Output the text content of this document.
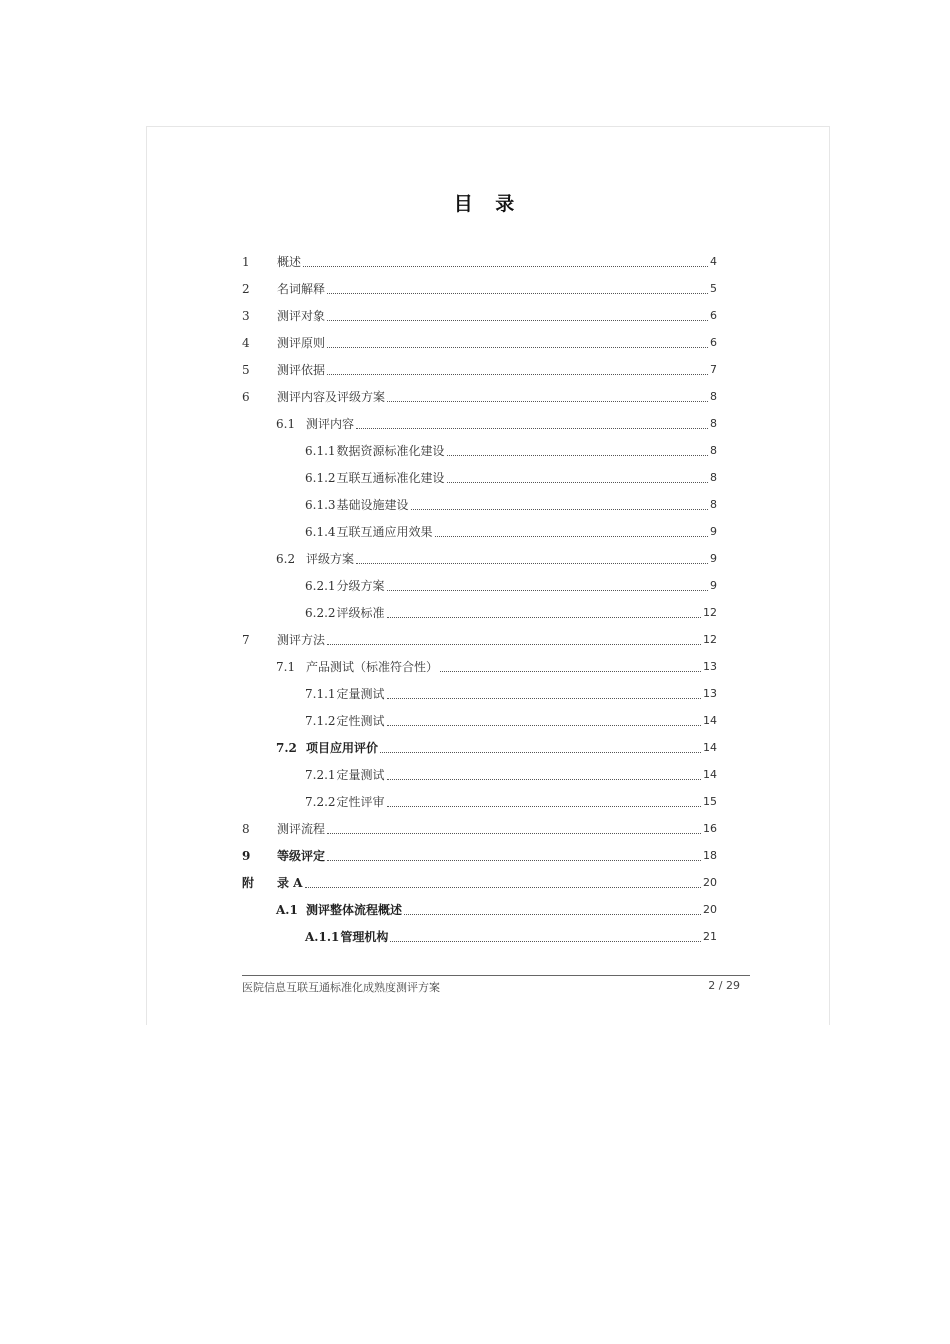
目 录
1	概述	4
2	名词解释	5
3	测评对象	6
4	测评原则	6
5	测评依据	7
6	测评内容及评级方案	8
6.1 测评内容	8
6.1.1 数据资源标准化建设	8
6.1.2 互联互通标准化建设	8
6.1.3 基础设施建设	8
6.1.4 互联互通应用效果	9
6.2 评级方案	9
6.2.1 分级方案	9
6.2.2 评级标准	12
7	测评方法	12
7.1 产品测试（标准符合性）	13
7.1.1 定量测试	13
7.1.2 定性测试	14
7.2 项目应用评价	14
7.2.1 定量测试	14
7.2.2 定性评审	15
8	测评流程	16
9	等级评定	18
附	录 A	20
A.1 测评整体流程概述	20
A.1.1 管理机构	21
医院信息互联互通标准化成熟度测评方案	2 / 29
